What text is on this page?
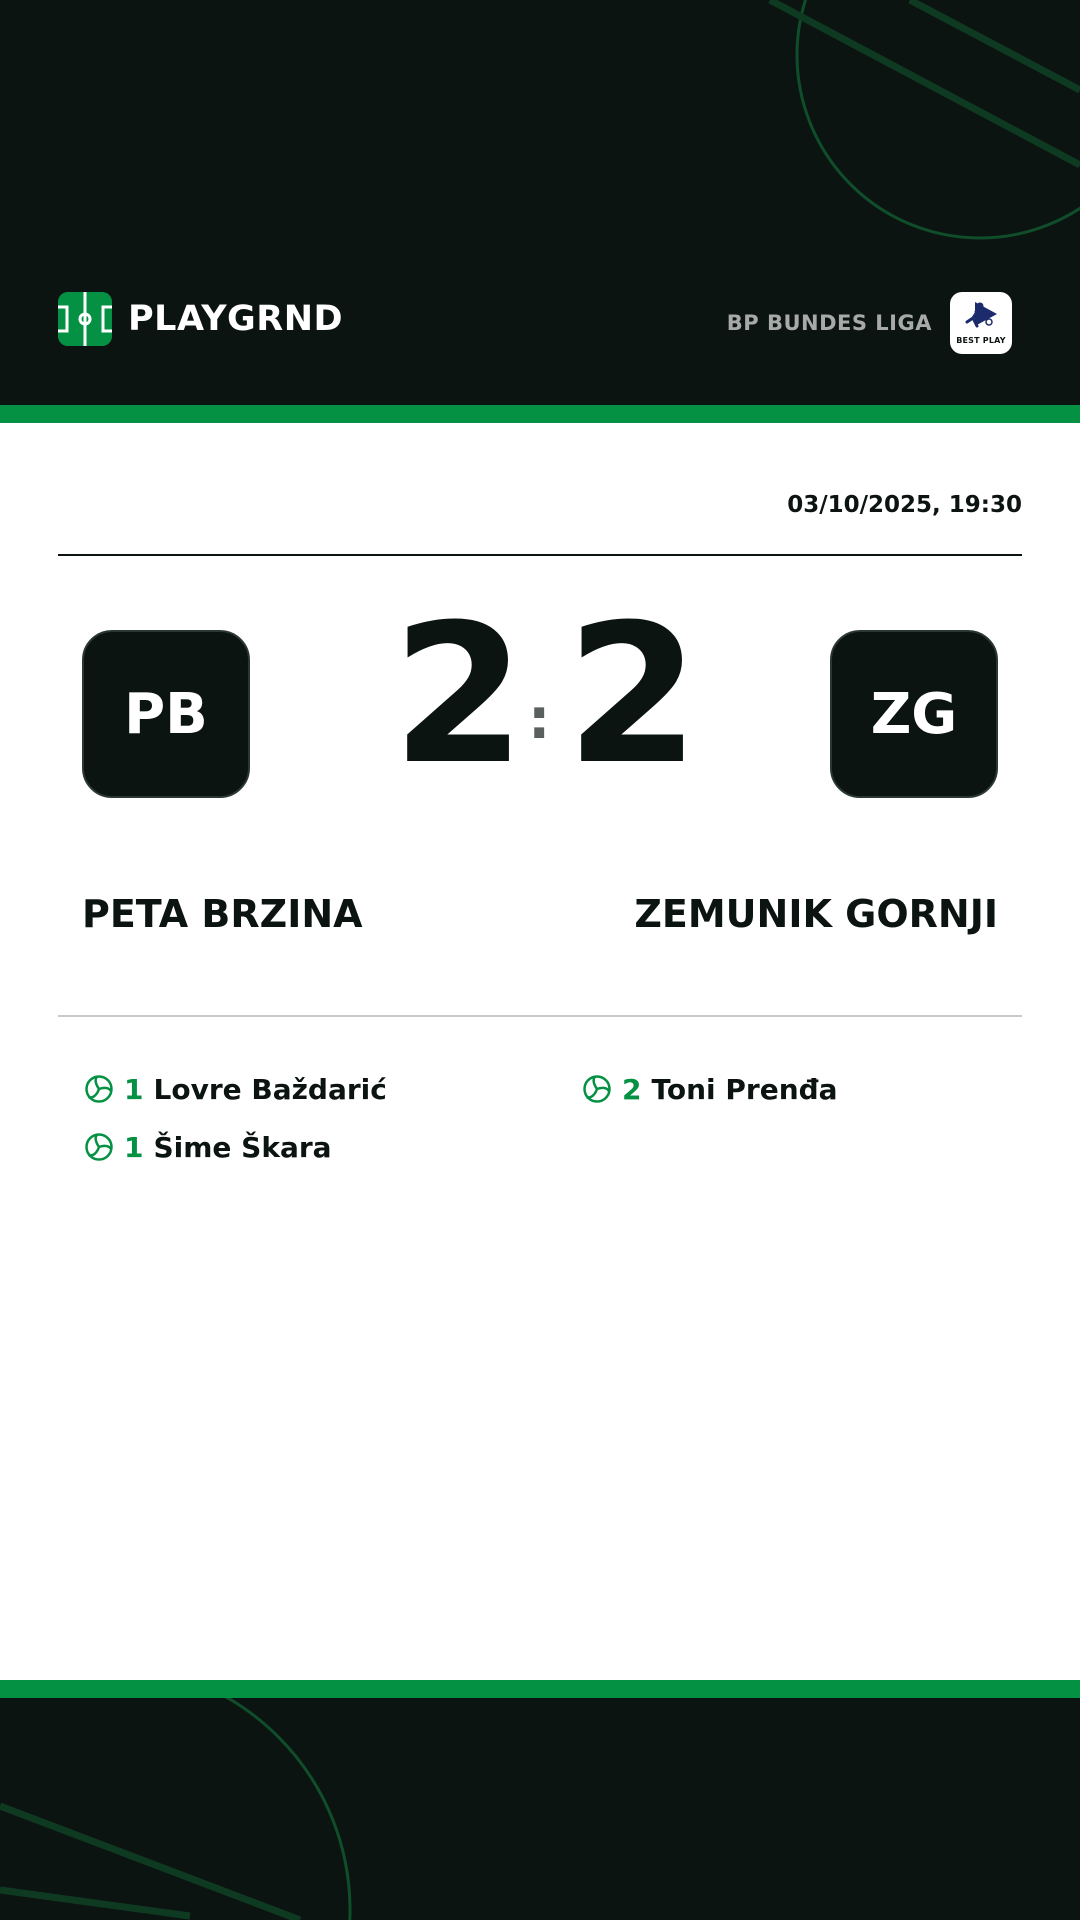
PLAYGRND	BP BUNDES LIGA
BEST PLAY
03/10/2025, 19:30
PB 2 : 2	ZG
PETA BRZINA	ZEMUNIK GORNJI
1 Lovre Baždarić
1 Šime Škara
2 Toni Prenđa
